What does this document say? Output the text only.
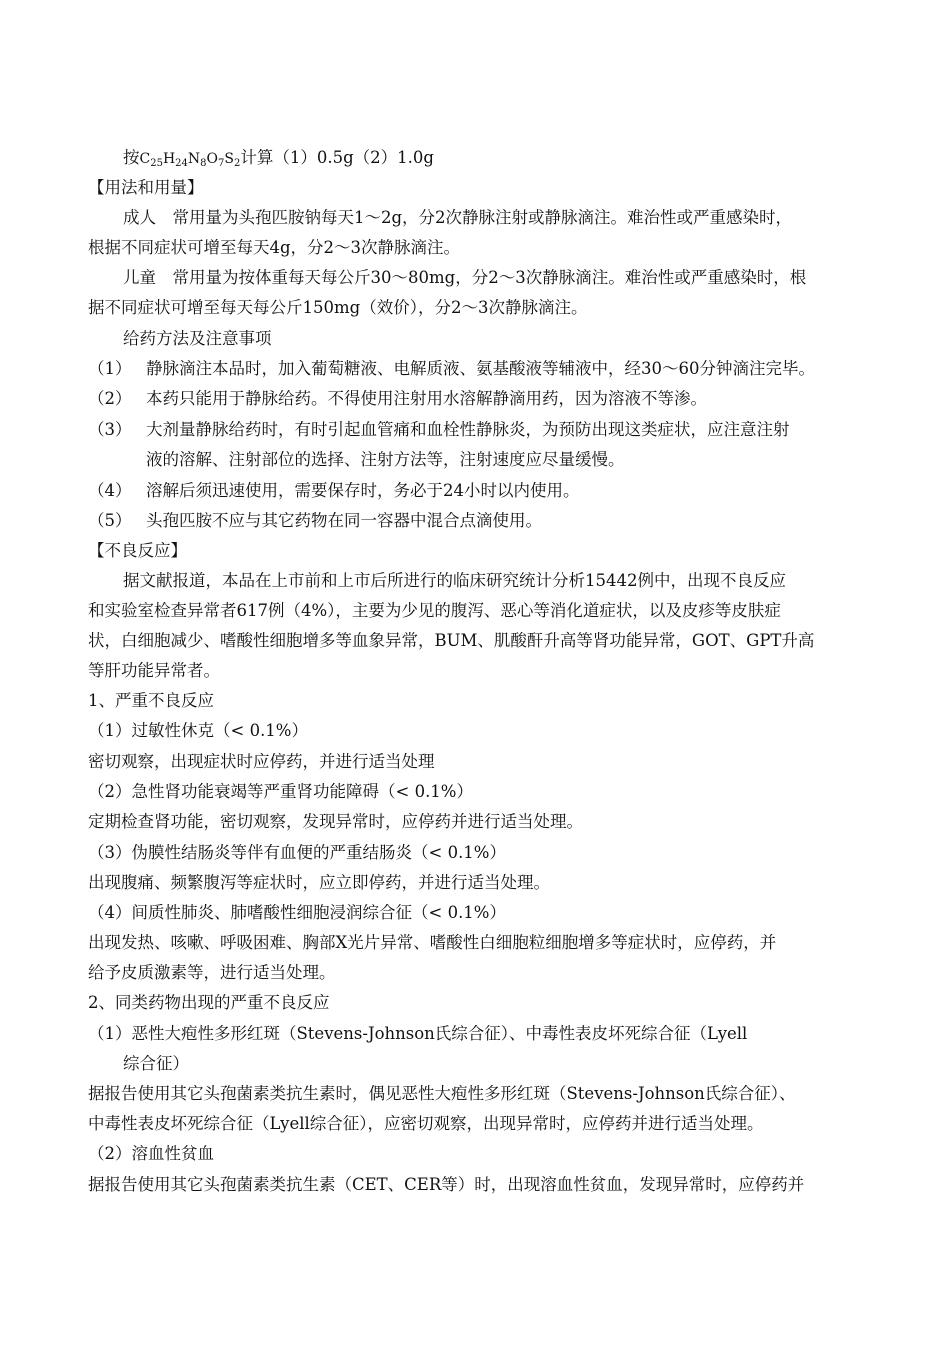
按$C_{25}H_{24}N_8O_7S_2$计算（1）0.5g（2）1.0g
【用法和用量】
成人　常用量为头孢匹胺钠每天1～2g，分2次静脉注射或静脉滴注。难治性或严重感染时，
根据不同症状可增至每天4g，分2～3次静脉滴注。
儿童　常用量为按体重每天每公斤30～80mg，分2～3次静脉滴注。难治性或严重感染时，根
据不同症状可增至每天每公斤150mg（效价），分2～3次静脉滴注。
给药方法及注意事项
（1） 静脉滴注本品时，加入葡萄糖液、电解质液、氨基酸液等辅液中，经30～60分钟滴注完毕。
（2） 本药只能用于静脉给药。不得使用注射用水溶解静滴用药，因为溶液不等渗。
（3） 大剂量静脉给药时，有时引起血管痛和血栓性静脉炎，为预防出现这类症状，应注意注射
液的溶解、注射部位的选择、注射方法等，注射速度应尽量缓慢。
（4） 溶解后须迅速使用，需要保存时，务必于24小时以内使用。
（5） 头孢匹胺不应与其它药物在同一容器中混合点滴使用。
【不良反应】
据文献报道，本品在上市前和上市后所进行的临床研究统计分析15442例中，出现不良反应
和实验室检查异常者617例（4%），主要为少见的腹泻、恶心等消化道症状，以及皮疹等皮肤症
状，白细胞减少、嗜酸性细胞增多等血象异常，BUM、肌酸酐升高等肾功能异常，GOT、GPT升高
等肝功能异常者。
1、严重不良反应
（1）过敏性休克（< 0.1%）
密切观察，出现症状时应停药，并进行适当处理
（2）急性肾功能衰竭等严重肾功能障碍（< 0.1%）
定期检查肾功能，密切观察，发现异常时，应停药并进行适当处理。
（3）伪膜性结肠炎等伴有血便的严重结肠炎（< 0.1%）
出现腹痛、频繁腹泻等症状时，应立即停药，并进行适当处理。
（4）间质性肺炎、肺嗜酸性细胞浸润综合征（< 0.1%）
出现发热、咳嗽、呼吸困难、胸部X光片异常、嗜酸性白细胞粒细胞增多等症状时，应停药，并
给予皮质激素等，进行适当处理。
2、同类药物出现的严重不良反应
（1）恶性大疱性多形红斑（Stevens-Johnson氏综合征）、中毒性表皮坏死综合征（Lyell
综合征）
据报告使用其它头孢菌素类抗生素时，偶见恶性大疱性多形红斑（Stevens-Johnson氏综合征）、
中毒性表皮坏死综合征（Lyell综合征），应密切观察，出现异常时，应停药并进行适当处理。
（2）溶血性贫血
据报告使用其它头孢菌素类抗生素（CET、CER等）时，出现溶血性贫血，发现异常时，应停药并
